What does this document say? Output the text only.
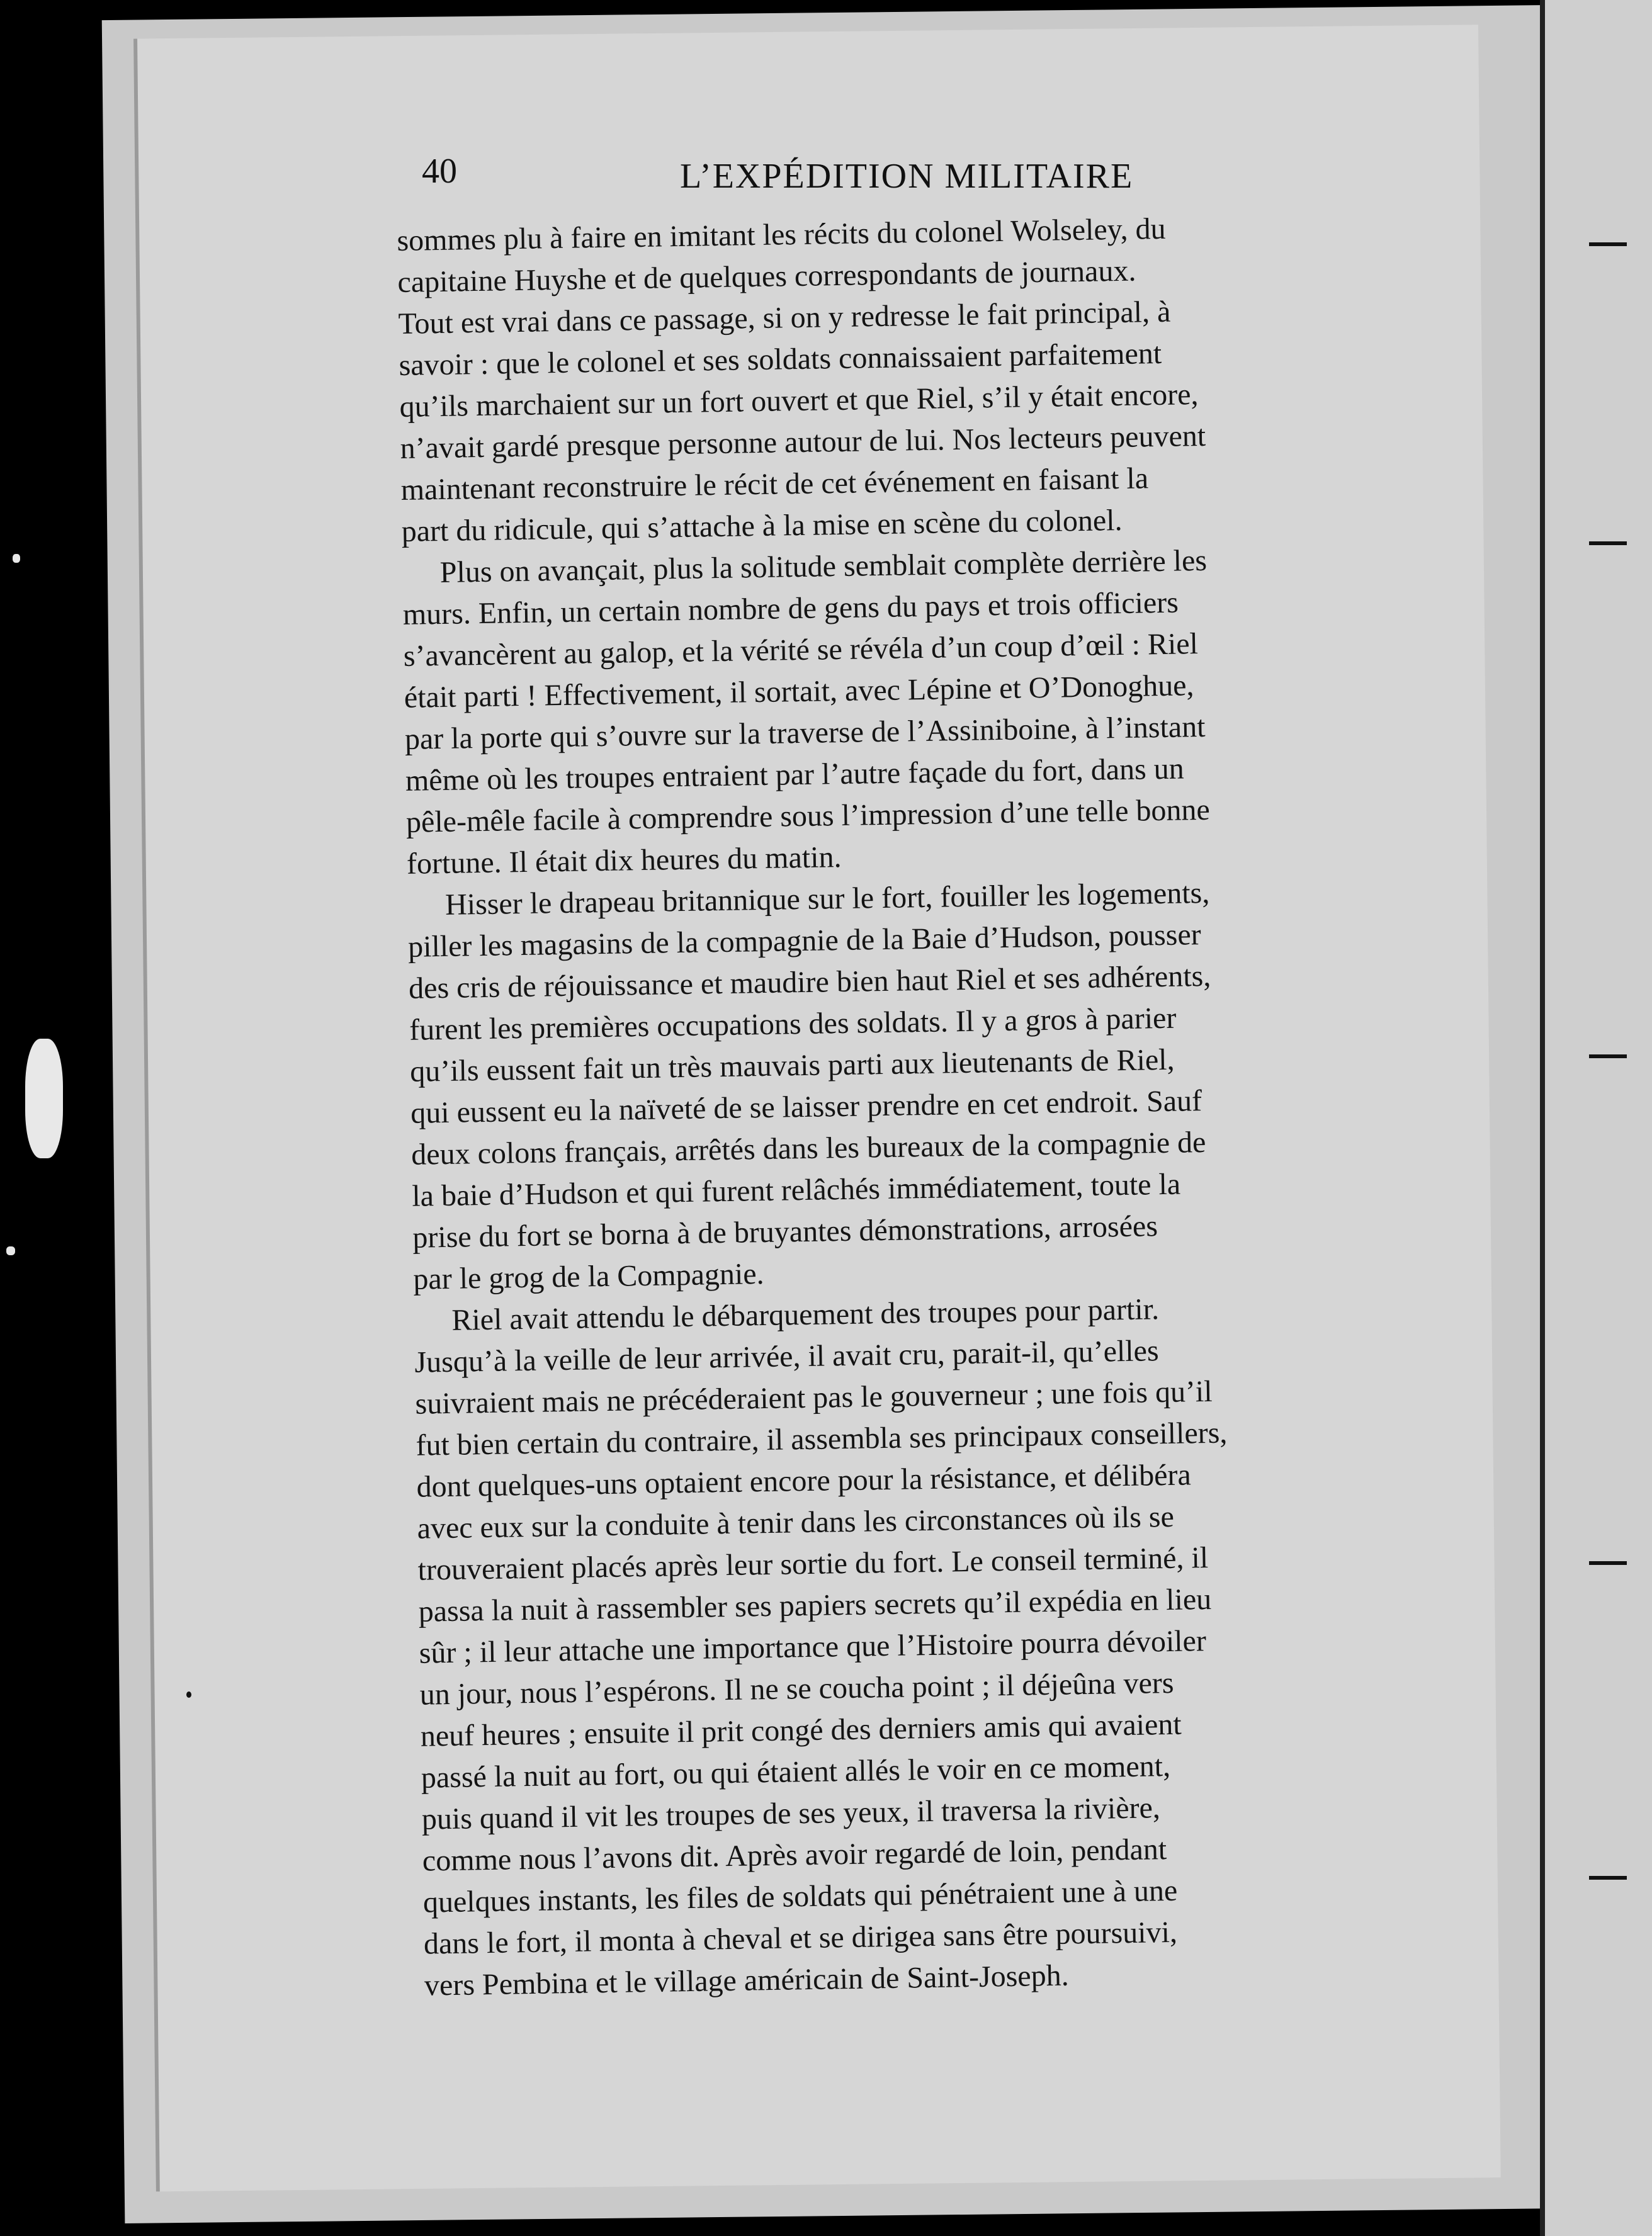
40	L’EXPÉDITION MILITAIRE

sommes plu à faire en imitant les récits du colonel Wolseley, du
capitaine Huyshe et de quelques correspondants de journaux.
Tout est vrai dans ce passage, si on y redresse le fait principal, à
savoir : que le colonel et ses soldats connaissaient parfaitement
qu’ils marchaient sur un fort ouvert et que Riel, s’il y était encore,
n’avait gardé presque personne autour de lui. Nos lecteurs peuvent
maintenant reconstruire le récit de cet événement en faisant la
part du ridicule, qui s’attache à la mise en scène du colonel.

Plus on avançait, plus la solitude semblait complète derrière les
murs. Enfin, un certain nombre de gens du pays et trois officiers
s’avancèrent au galop, et la vérité se révéla d’un coup d’œil : Riel
était parti ! Effectivement, il sortait, avec Lépine et O’Donoghue,
par la porte qui s’ouvre sur la traverse de l’Assiniboine, à l’instant
même où les troupes entraient par l’autre façade du fort, dans un
pêle-mêle facile à comprendre sous l’impression d’une telle bonne
fortune. Il était dix heures du matin.

Hisser le drapeau britannique sur le fort, fouiller les logements,
piller les magasins de la compagnie de la Baie d’Hudson, pousser
des cris de réjouissance et maudire bien haut Riel et ses adhérents,
furent les premières occupations des soldats. Il y a gros à parier
qu’ils eussent fait un très mauvais parti aux lieutenants de Riel,
qui eussent eu la naïveté de se laisser prendre en cet endroit. Sauf
deux colons français, arrêtés dans les bureaux de la compagnie de
la baie d’Hudson et qui furent relâchés immédiatement, toute la
prise du fort se borna à de bruyantes démonstrations, arrosées
par le grog de la Compagnie.

Riel avait attendu le débarquement des troupes pour partir.
Jusqu’à la veille de leur arrivée, il avait cru, parait-il, qu’elles
suivraient mais ne précéderaient pas le gouverneur ; une fois qu’il
fut bien certain du contraire, il assembla ses principaux conseillers,
dont quelques-uns optaient encore pour la résistance, et délibéra
avec eux sur la conduite à tenir dans les circonstances où ils se
trouveraient placés après leur sortie du fort. Le conseil terminé, il
passa la nuit à rassembler ses papiers secrets qu’il expédia en lieu
sûr ; il leur attache une importance que l’Histoire pourra dévoiler
un jour, nous l’espérons. Il ne se coucha point ; il déjeûna vers
neuf heures ; ensuite il prit congé des derniers amis qui avaient
passé la nuit au fort, ou qui étaient allés le voir en ce moment,
puis quand il vit les troupes de ses yeux, il traversa la rivière,
comme nous l’avons dit. Après avoir regardé de loin, pendant
quelques instants, les files de soldats qui pénétraient une à une
dans le fort, il monta à cheval et se dirigea sans être poursuivi,
vers Pembina et le village américain de Saint-Joseph.
